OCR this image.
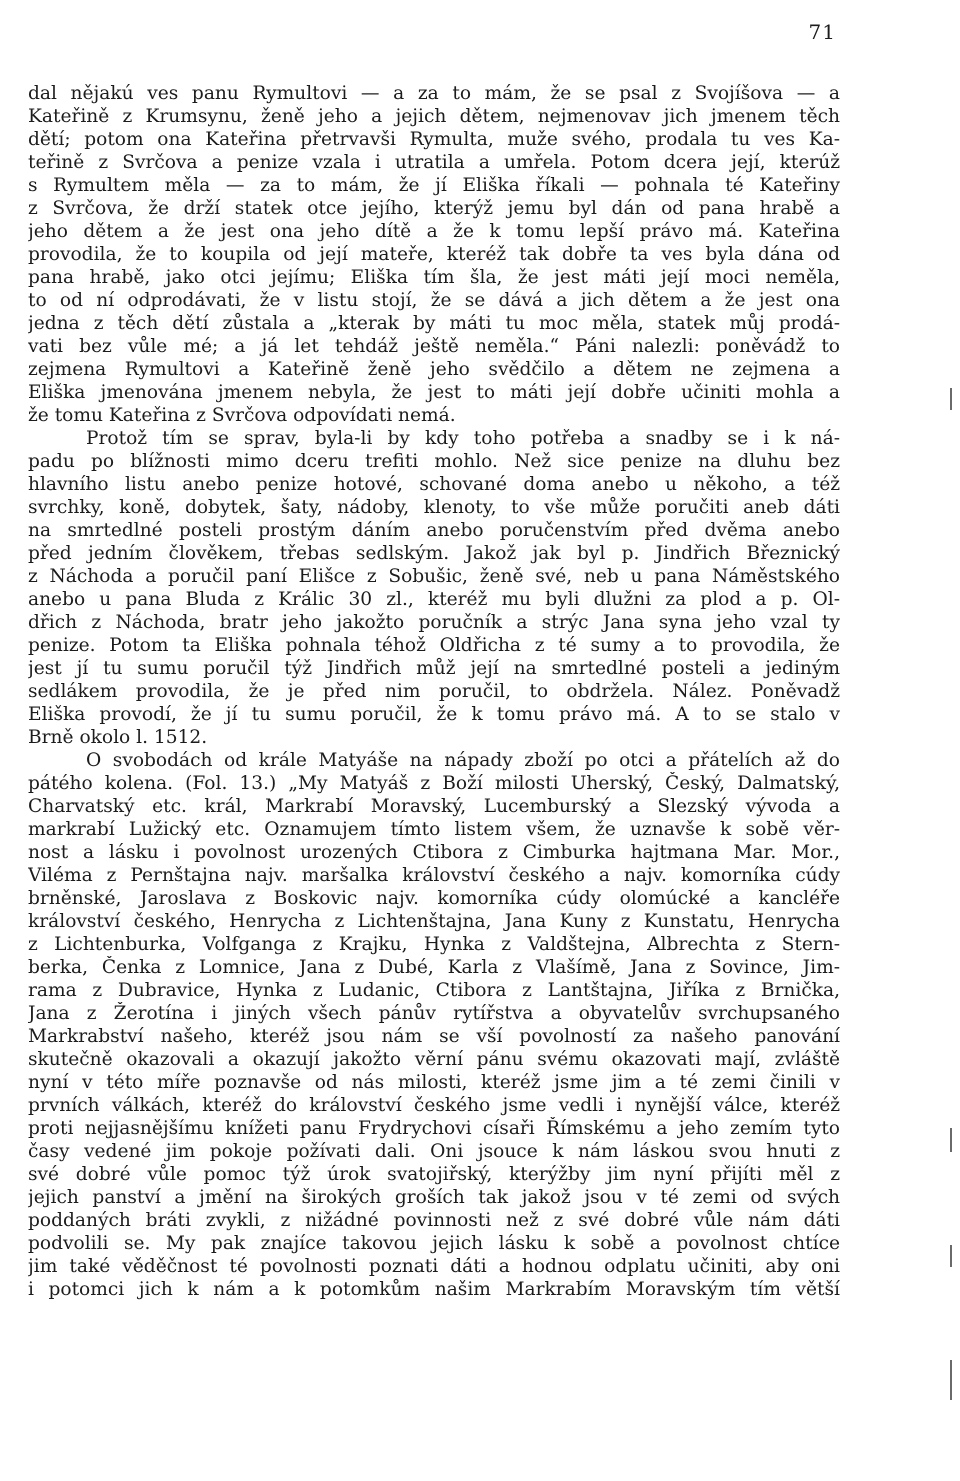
71
dal nějakú ves panu Rymultovi — a za to mám, že se psal z Svojíšova — a
Kateřině z Krumsynu, ženě jeho a jejich dětem, nejmenovav jich jmenem těch
dětí; potom ona Kateřina přetrvavši Rymulta, muže svého, prodala tu ves Ka-
teřině z Svrčova a penize vzala i utratila a umřela. Potom dcera její, kterúž
s Rymultem měla — za to mám, že jí Eliška říkali — pohnala té Kateřiny
z Svrčova, že drží statek otce jejího, kterýž jemu byl dán od pana hrabě a
jeho dětem a že jest ona jeho dítě a že k tomu lepší právo má. Kateřina
provodila, že to koupila od její mateře, kteréž tak dobře ta ves byla dána od
pana hrabě, jako otci jejímu; Eliška tím šla, že jest máti její moci neměla,
to od ní odprodávati, že v listu stojí, že se dává a jich dětem a že jest ona
jedna z těch dětí zůstala a „kterak by máti tu moc měla, statek můj prodá-
vati bez vůle mé; a já let tehdáž ještě neměla.“ Páni nalezli: poněvádž to
zejmena Rymultovi a Kateřině ženě jeho svědčilo a dětem ne zejmena a
Eliška jmenována jmenem nebyla, že jest to máti její dobře učiniti mohla a
že tomu Kateřina z Svrčova odpovídati nemá.
Protož tím se sprav, byla-li by kdy toho potřeba a snadby se i k ná-
padu po blížnosti mimo dceru trefiti mohlo. Než sice penize na dluhu bez
hlavního listu anebo penize hotové, schované doma anebo u někoho, a též
svrchky, koně, dobytek, šaty, nádoby, klenoty, to vše může poručiti aneb dáti
na smrtedlné posteli prostým dáním anebo poručenstvím před dvěma anebo
před jedním člověkem, třebas sedlským. Jakož jak byl p. Jindřich Březnický
z Náchoda a poručil paní Elišce z Sobušic, ženě své, neb u pana Náměstského
anebo u pana Bluda z Králic 30 zl., kteréž mu byli dlužni za plod a p. Ol-
dřich z Náchoda, bratr jeho jakožto poručník a strýc Jana syna jeho vzal ty
penize. Potom ta Eliška pohnala téhož Oldřicha z té sumy a to provodila, že
jest jí tu sumu poručil týž Jindřich můž její na smrtedlné posteli a jediným
sedlákem provodila, že je před nim poručil, to obdržela. Nález. Poněvadž
Eliška provodí, že jí tu sumu poručil, že k tomu právo má. A to se stalo v
Brně okolo l. 1512.
O svobodách od krále Matyáše na nápady zboží po otci a přátelích až do
pátého kolena. (Fol. 13.) „My Matyáš z Boží milosti Uherský, Český, Dalmatský,
Charvatský etc. král, Markrabí Moravský, Lucemburský a Slezský vývoda a
markrabí Lužický etc. Oznamujem tímto listem všem, že uznavše k sobě věr-
nost a lásku i povolnost urozených Ctibora z Cimburka hajtmana Mar. Mor.,
Viléma z Pernštajna najv. maršalka království českého a najv. komorníka cúdy
brněnské, Jaroslava z Boskovic najv. komorníka cúdy olomúcké a kancléře
království českého, Henrycha z Lichtenštajna, Jana Kuny z Kunstatu, Henrycha
z Lichtenburka, Volfganga z Krajku, Hynka z Valdštejna, Albrechta z Stern-
berka, Čenka z Lomnice, Jana z Dubé, Karla z Vlašímě, Jana z Sovince, Jim-
rama z Dubravice, Hynka z Ludanic, Ctibora z Lantštajna, Jiříka z Brnička,
Jana z Žerotína i jiných všech pánův rytířstva a obyvatelův svrchupsaného
Markrabství našeho, kteréž jsou nám se vší povolností za našeho panování
skutečně okazovali a okazují jakožto věrní pánu svému okazovati mají, zvláště
nyní v této míře poznavše od nás milosti, kteréž jsme jim a té zemi činili v
prvních válkách, kteréž do království českého jsme vedli i nynější válce, kteréž
proti nejjasnějšímu knížeti panu Frydrychovi císaři Římskému a jeho zemím tyto
časy vedené jim pokoje požívati dali. Oni jsouce k nám láskou svou hnuti z
své dobré vůle pomoc týž úrok svatojiřský, kterýžby jim nyní přijíti měl z
jejich panství a jmění na širokých groších tak jakož jsou v té zemi od svých
poddaných bráti zvykli, z nižádné povinnosti než z své dobré vůle nám dáti
podvolili se. My pak znajíce takovou jejich lásku k sobě a povolnost chtíce
jim také věděčnost té povolnosti poznati dáti a hodnou odplatu učiniti, aby oni
i potomci jich k nám a k potomkům našim Markrabím Moravským tím větší
